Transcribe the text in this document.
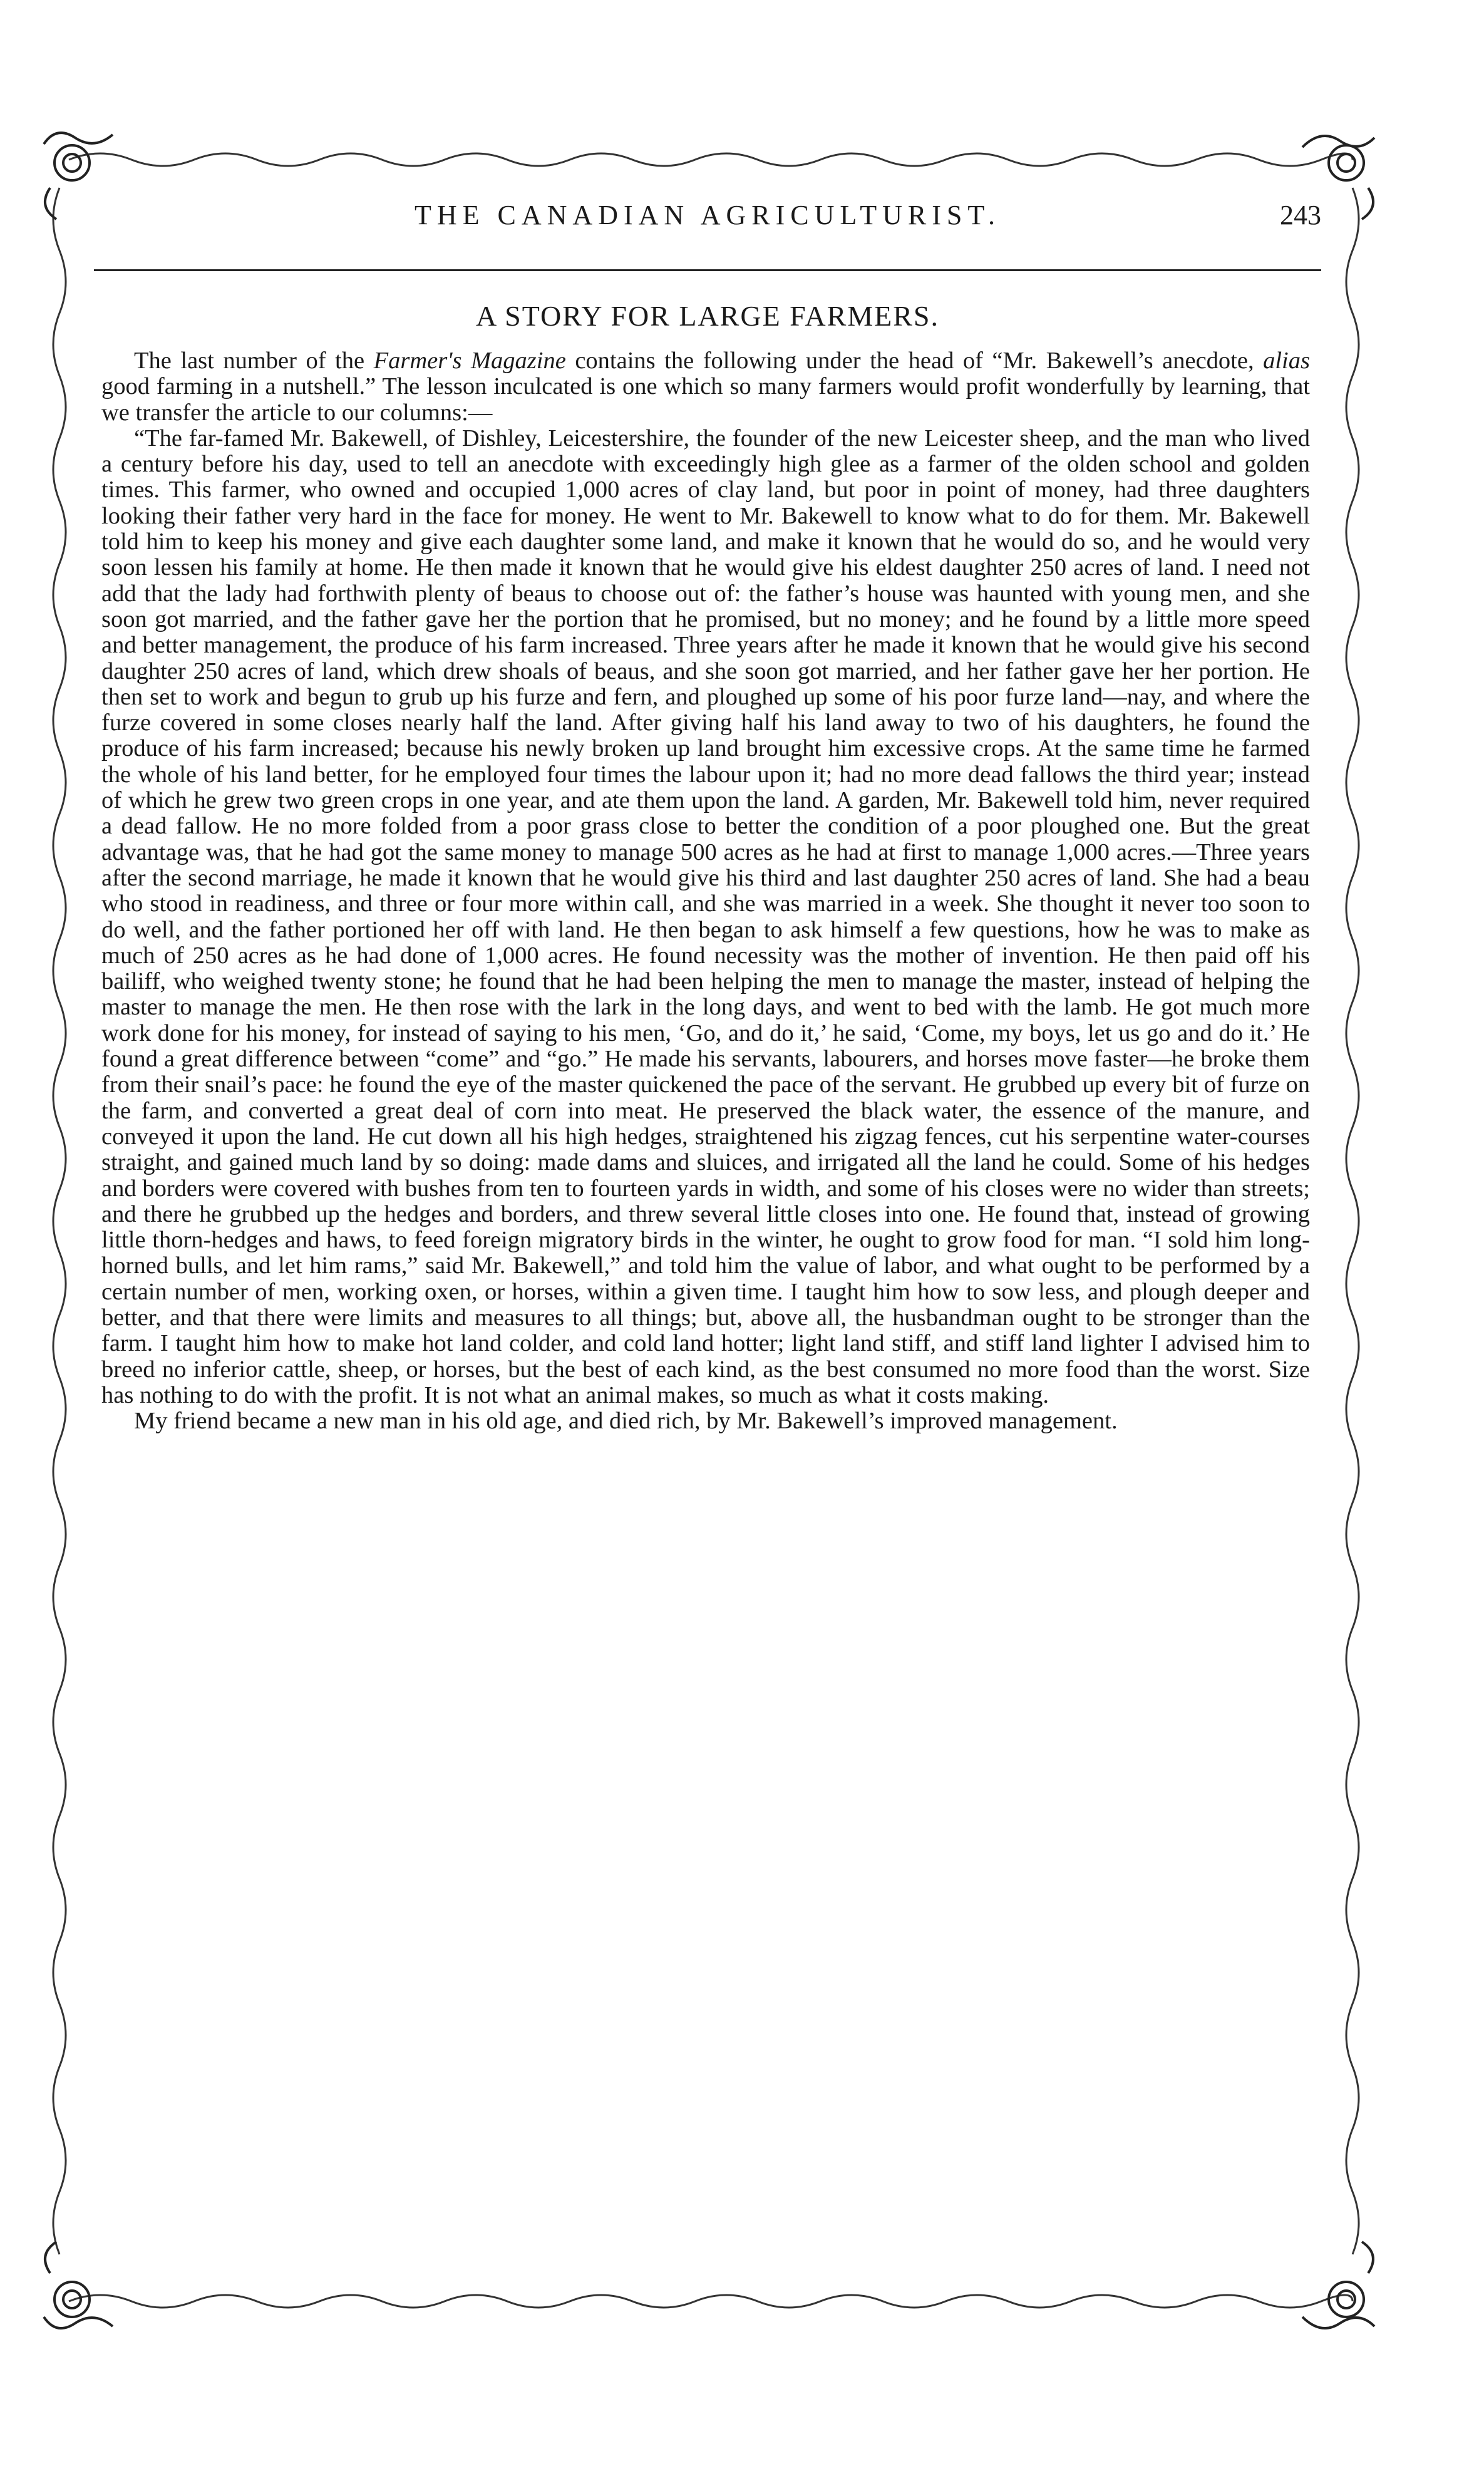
THE CANADIAN AGRICULTURIST.	243
A STORY FOR LARGE FARMERS.

The last number of the Farmer's Magazine contains the following under the head of “Mr. Bakewell’s anecdote, alias good farming in a nutshell.” The lesson inculcated is one which so many farmers would profit wonderfully by learning, that we transfer the article to our columns:—

“The far-famed Mr. Bakewell, of Dishley, Leicestershire, the founder of the new Leicester sheep, and the man who lived a century before his day, used to tell an anecdote with exceedingly high glee as a farmer of the olden school and golden times. This farmer, who owned and occupied 1,000 acres of clay land, but poor in point of money, had three daughters looking their father very hard in the face for money. He went to Mr. Bakewell to know what to do for them. Mr. Bakewell told him to keep his money and give each daughter some land, and make it known that he would do so, and he would very soon lessen his family at home. He then made it known that he would give his eldest daughter 250 acres of land. I need not add that the lady had forthwith plenty of beaus to choose out of: the father’s house was haunted with young men, and she soon got married, and the father gave her the portion that he promised, but no money; and he found by a little more speed and better management, the produce of his farm increased. Three years after he made it known that he would give his second daughter 250 acres of land, which drew shoals of beaus, and she soon got married, and her father gave her her portion. He then set to work and begun to grub up his furze and fern, and ploughed up some of his poor furze land—nay, and where the furze covered in some closes nearly half the land. After giving half his land away to two of his daughters, he found the produce of his farm increased; because his newly broken up land brought him excessive crops. At the same time he farmed the whole of his land better, for he employed four times the labour upon it; had no more dead fallows the third year; instead of which he grew two green crops in one year, and ate them upon the land. A garden, Mr. Bakewell told him, never required a dead fallow. He no more folded from a poor grass close to better the condition of a poor ploughed one. But the great advantage was, that he had got the same money to manage 500 acres as he had at first to manage 1,000 acres.—Three years after the second marriage, he made it known that he would give his third and last daughter 250 acres of land. She had a beau who stood in readiness, and three or four more within call, and she was married in a week. She thought it never too soon to do well, and the father portioned her off with land. He then began to ask himself a few questions, how he was to make as much of 250 acres as he had done of 1,000 acres. He found necessity was the mother of invention. He then paid off his bailiff, who weighed twenty stone; he found that he had been helping the men to manage the master, instead of helping the master to manage the men. He then rose with the lark in the long days, and went to bed with the lamb. He got much more work done for his money, for instead of saying to his men, ‘Go, and do it,’ he said, ‘Come, my boys, let us go and do it.’ He found a great difference between “come” and “go.” He made his servants, labourers, and horses move faster—he broke them from their snail’s pace: he found the eye of the master quickened the pace of the servant. He grubbed up every bit of furze on the farm, and converted a great deal of corn into meat. He preserved the black water, the essence of the manure, and conveyed it upon the land. He cut down all his high hedges, straightened his zigzag fences, cut his serpentine water-courses straight, and gained much land by so doing: made dams and sluices, and irrigated all the land he could. Some of his hedges and borders were covered with bushes from ten to fourteen yards in width, and some of his closes were no wider than streets; and there he grubbed up the hedges and borders, and threw several little closes into one. He found that, instead of growing little thorn-hedges and haws, to feed foreign migratory birds in the winter, he ought to grow food for man. “I sold him long-horned bulls, and let him rams,” said Mr. Bakewell,” and told him the value of labor, and what ought to be performed by a certain number of men, working oxen, or horses, within a given time. I taught him how to sow less, and plough deeper and better, and that there were limits and measures to all things; but, above all, the husbandman ought to be stronger than the farm. I taught him how to make hot land colder, and cold land hotter; light land stiff, and stiff land lighter I advised him to breed no inferior cattle, sheep, or horses, but the best of each kind, as the best consumed no more food than the worst. Size has nothing to do with the profit. It is not what an animal makes, so much as what it costs making.

My friend became a new man in his old age, and died rich, by Mr. Bakewell’s improved management.
